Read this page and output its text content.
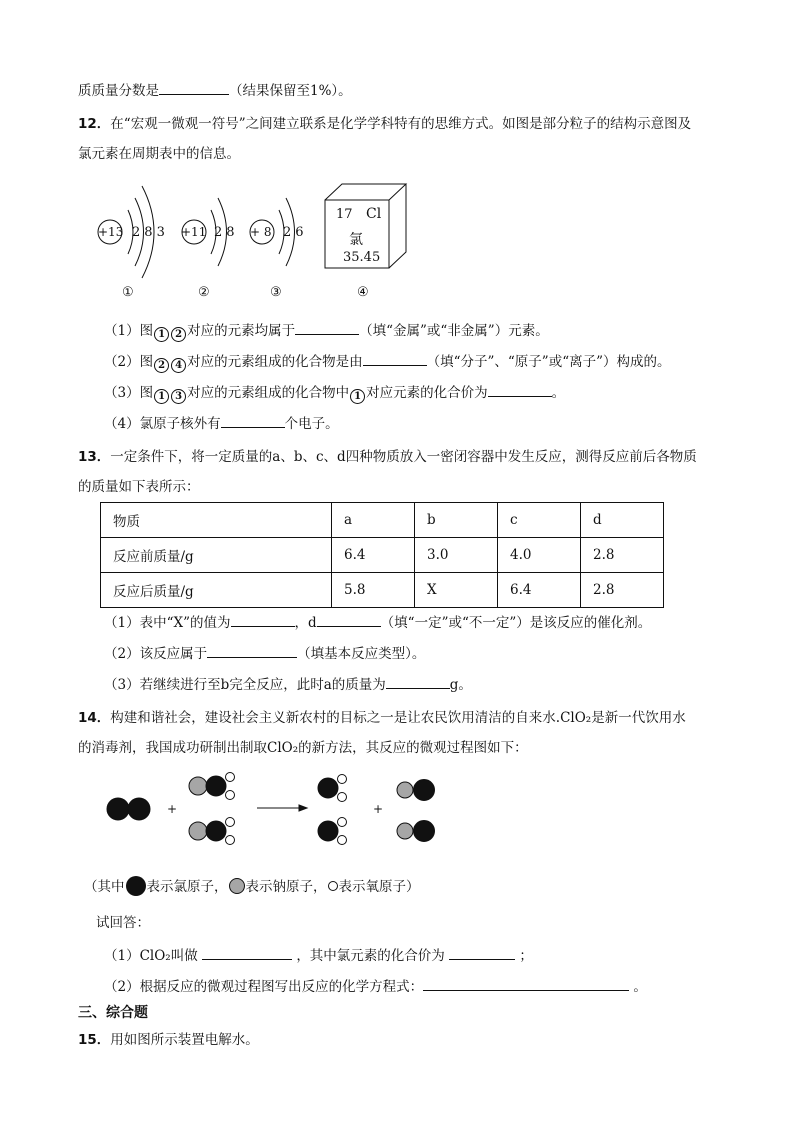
质质量分数是	（结果保留至1%）。
12．在“宏观一微观一符号”之间建立联系是化学学科特有的思维方式。如图是部分粒子的结构示意图及
氯元素在周期表中的信息。
+13 283 +11 28 + 8 26
17 Cl
氯
35.45
①	②	③	④
（1）图 1 2 对应的元素均属于	（填“金属”或“非金属”）元素。
（2）图 2 4 对应的元素组成的化合物是由	（填“分子”、“原子”或“离子”）构成的。
（3）图 1 3 对应的元素组成的化合物中 1 对应元素的化合价为	。
（4）氯原子核外有	个电子。
13．一定条件下，将一定质量的a、b、c、d四种物质放入一密闭容器中发生反应，测得反应前后各物质
的质量如下表所示：
物质	a	b	c	d
反应前质量/g	6.4	3.0	4.0	2.8
反应后质量/g	5.8	X	6.4	2.8
（1）表中“X”的值为	，d	（填“一定”或“不一定”）是该反应的催化剂。
（2）该反应属于	（填基本反应类型）。
（3）若继续进行至b完全反应，此时a的质量为	g。
14．构建和谐社会，建设社会主义新农村的目标之一是让农民饮用清洁的自来水.ClO₂是新一代饮用水
的消毒剂，我国成功研制出制取ClO₂的新方法，其反应的微观过程图如下：
+	+
（其中 表示氯原子， 表示钠原子， 表示氧原子）
试回答：
（1）ClO₂叫做	，其中氯元素的化合价为	；
（2）根据反应的微观过程图写出反应的化学方程式：	。
三、综合题
15．用如图所示装置电解水。
